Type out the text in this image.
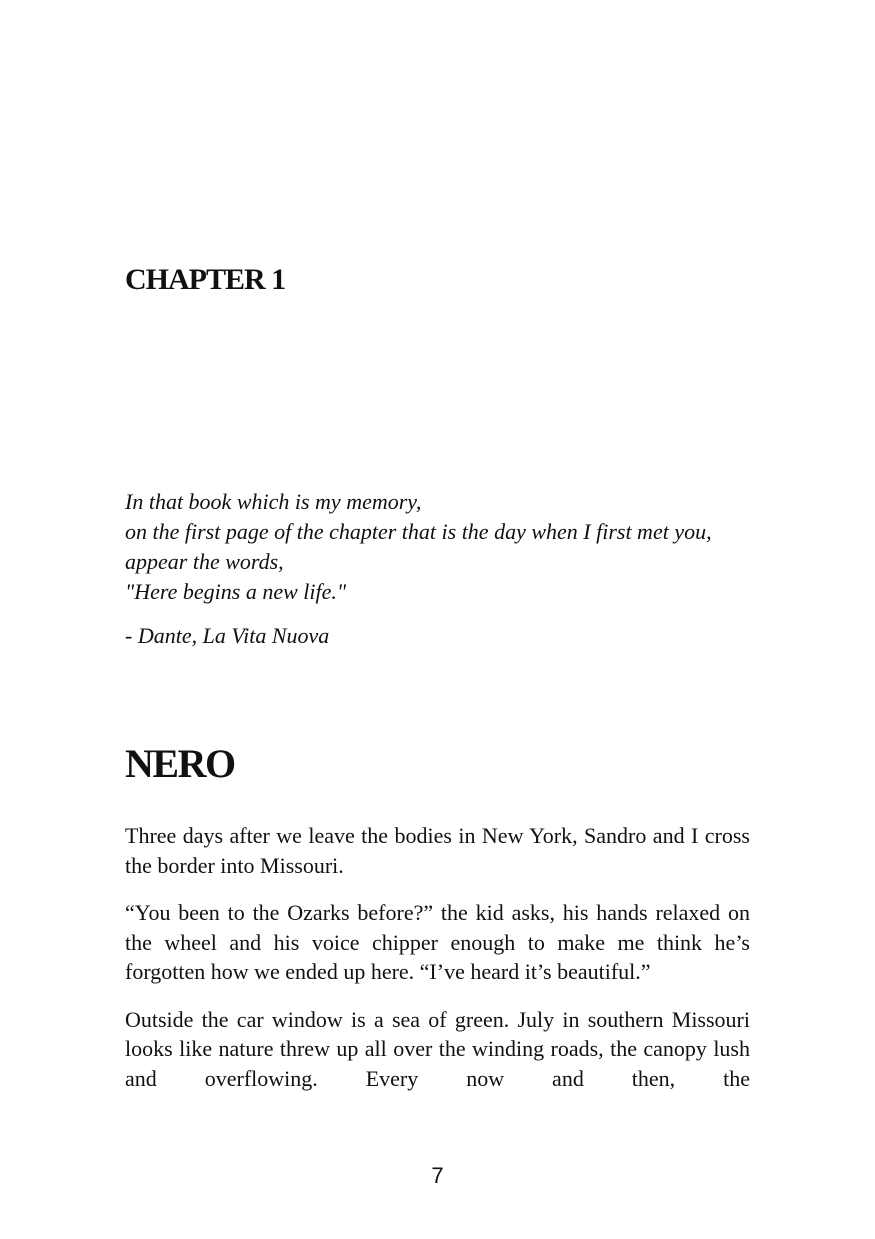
CHAPTER 1
In that book which is my memory,
on the first page of the chapter that is the day when I first met you,
appear the words,
"Here begins a new life."
- Dante, La Vita Nuova
NERO

Three days after we leave the bodies in New York, Sandro and I cross the border into Missouri.

“You been to the Ozarks before?” the kid asks, his hands relaxed on the wheel and his voice chipper enough to make me think he’s forgotten how we ended up here. “I’ve heard it’s beautiful.”

Outside the car window is a sea of green. July in southern Missouri looks like nature threw up all over the winding roads, the canopy lush and overflowing. Every now and then, the

7
